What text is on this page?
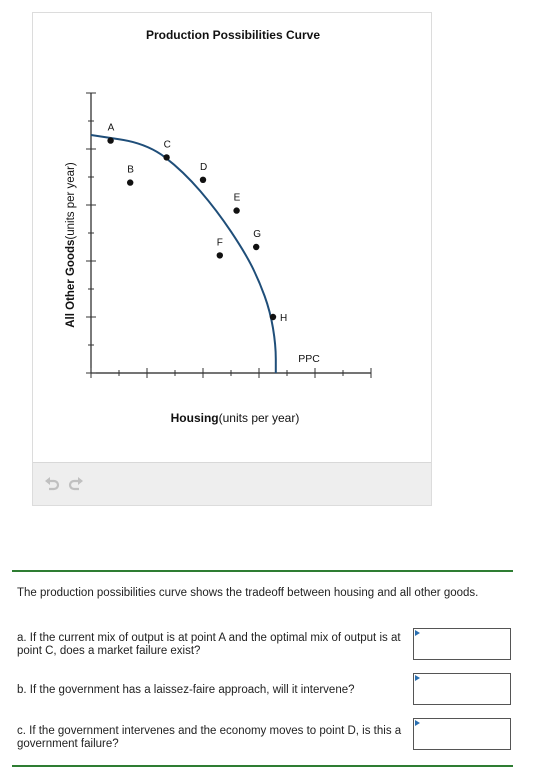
Production Possibilities Curve
All Other Goods(units per year)
PPC
A
B
C
D
E
F
G
H
Housing(units per year)
The production possibilities curve shows the tradeoff between housing and all other goods.
a. If the current mix of output is at point A and the optimal mix of output is at point C, does a market failure exist?
b. If the government has a laissez-faire approach, will it intervene?
c. If the government intervenes and the economy moves to point D, is this a government failure?
